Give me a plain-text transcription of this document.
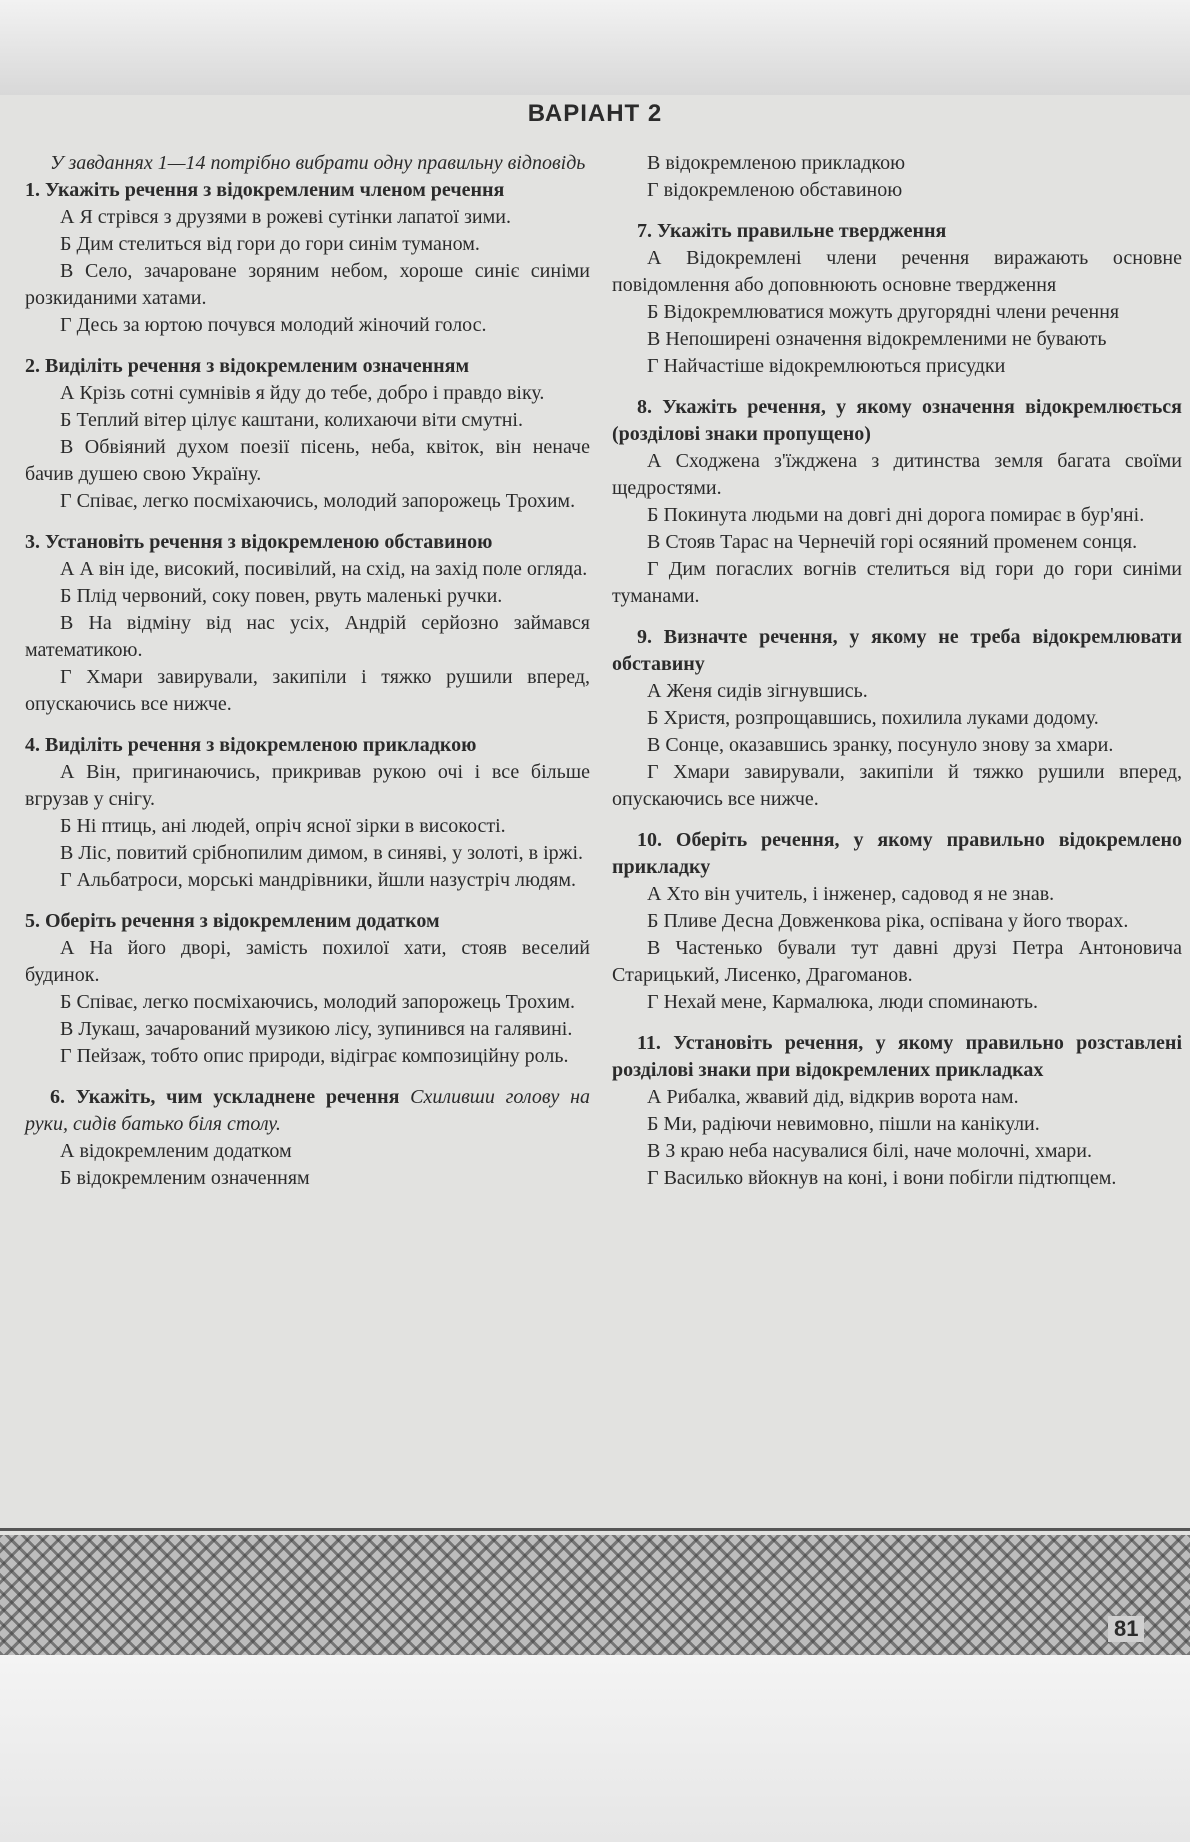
ВАРІАНТ 2

У завданнях 1—14 потрібно вибрати одну правильну відповідь

1. Укажіть речення з відокремленим членом речення

А Я стрівся з друзями в рожеві сутінки лапатої зими.

Б Дим стелиться від гори до гори синім туманом.

В Село, зачароване зоряним небом, хороше синіє синіми розкиданими хатами.

Г Десь за юртою почувся молодий жіночий голос.

2. Виділіть речення з відокремленим означенням

А Крізь сотні сумнівів я йду до тебе, добро і правдо віку.

Б Теплий вітер цілує каштани, колихаючи віти смутні.

В Обвіяний духом поезії пісень, неба, квіток, він неначе бачив душею свою Україну.

Г Співає, легко посміхаючись, молодий запорожець Трохим.

3. Установіть речення з відокремленою обставиною

А А він іде, високий, посивілий, на схід, на захід поле огляда.

Б Плід червоний, соку повен, рвуть маленькі ручки.

В На відміну від нас усіх, Андрій серйозно займався математикою.

Г Хмари завирували, закипіли і тяжко рушили вперед, опускаючись все нижче.

4. Виділіть речення з відокремленою прикладкою

А Він, пригинаючись, прикривав рукою очі і все більше вгрузав у снігу.

Б Ні птиць, ані людей, опріч ясної зірки в високості.

В Ліс, повитий срібнопилим димом, в синяві, у золоті, в іржі.

Г Альбатроси, морські мандрівники, йшли назустріч людям.

5. Оберіть речення з відокремленим додатком

А На його дворі, замість похилої хати, стояв веселий будинок.

Б Співає, легко посміхаючись, молодий запорожець Трохим.

В Лукаш, зачарований музикою лісу, зупинився на галявині.

Г Пейзаж, тобто опис природи, відіграє композиційну роль.

6. Укажіть, чим ускладнене речення Схиливши голову на руки, сидів батько біля столу.

А відокремленим додатком

Б відокремленим означенням

В відокремленою прикладкою

Г відокремленою обставиною

7. Укажіть правильне твердження

А Відокремлені члени речення виражають основне повідомлення або доповнюють основне твердження

Б Відокремлюватися можуть другорядні члени речення

В Непоширені означення відокремленими не бувають

Г Найчастіше відокремлюються присудки

8. Укажіть речення, у якому означення відокремлюється (розділові знаки пропущено)

А Сходжена з'їжджена з дитинства земля багата своїми щедростями.

Б Покинута людьми на довгі дні дорога помирає в бур'яні.

В Стояв Тарас на Чернечій горі осяяний променем сонця.

Г Дим погаслих вогнів стелиться від гори до гори синіми туманами.

9. Визначте речення, у якому не треба відокремлювати обставину

А Женя сидів зігнувшись.

Б Христя, розпрощавшись, похилила луками додому.

В Сонце, оказавшись зранку, посунуло знову за хмари.

Г Хмари завирували, закипіли й тяжко рушили вперед, опускаючись все нижче.

10. Оберіть речення, у якому правильно відокремлено прикладку

А Хто він учитель, і інженер, садовод я не знав.

Б Пливе Десна Довженкова ріка, оспівана у його творах.

В Частенько бували тут давні друзі Петра Антоновича Старицький, Лисенко, Драгоманов.

Г Нехай мене, Кармалюка, люди споминають.

11. Установіть речення, у якому правильно розставлені розділові знаки при відокремлених прикладках

А Рибалка, жвавий дід, відкрив ворота нам.

Б Ми, радіючи невимовно, пішли на канікули.

В З краю неба насувалися білі, наче молочні, хмари.

Г Василько вйокнув на коні, і вони побігли підтюпцем.

81
